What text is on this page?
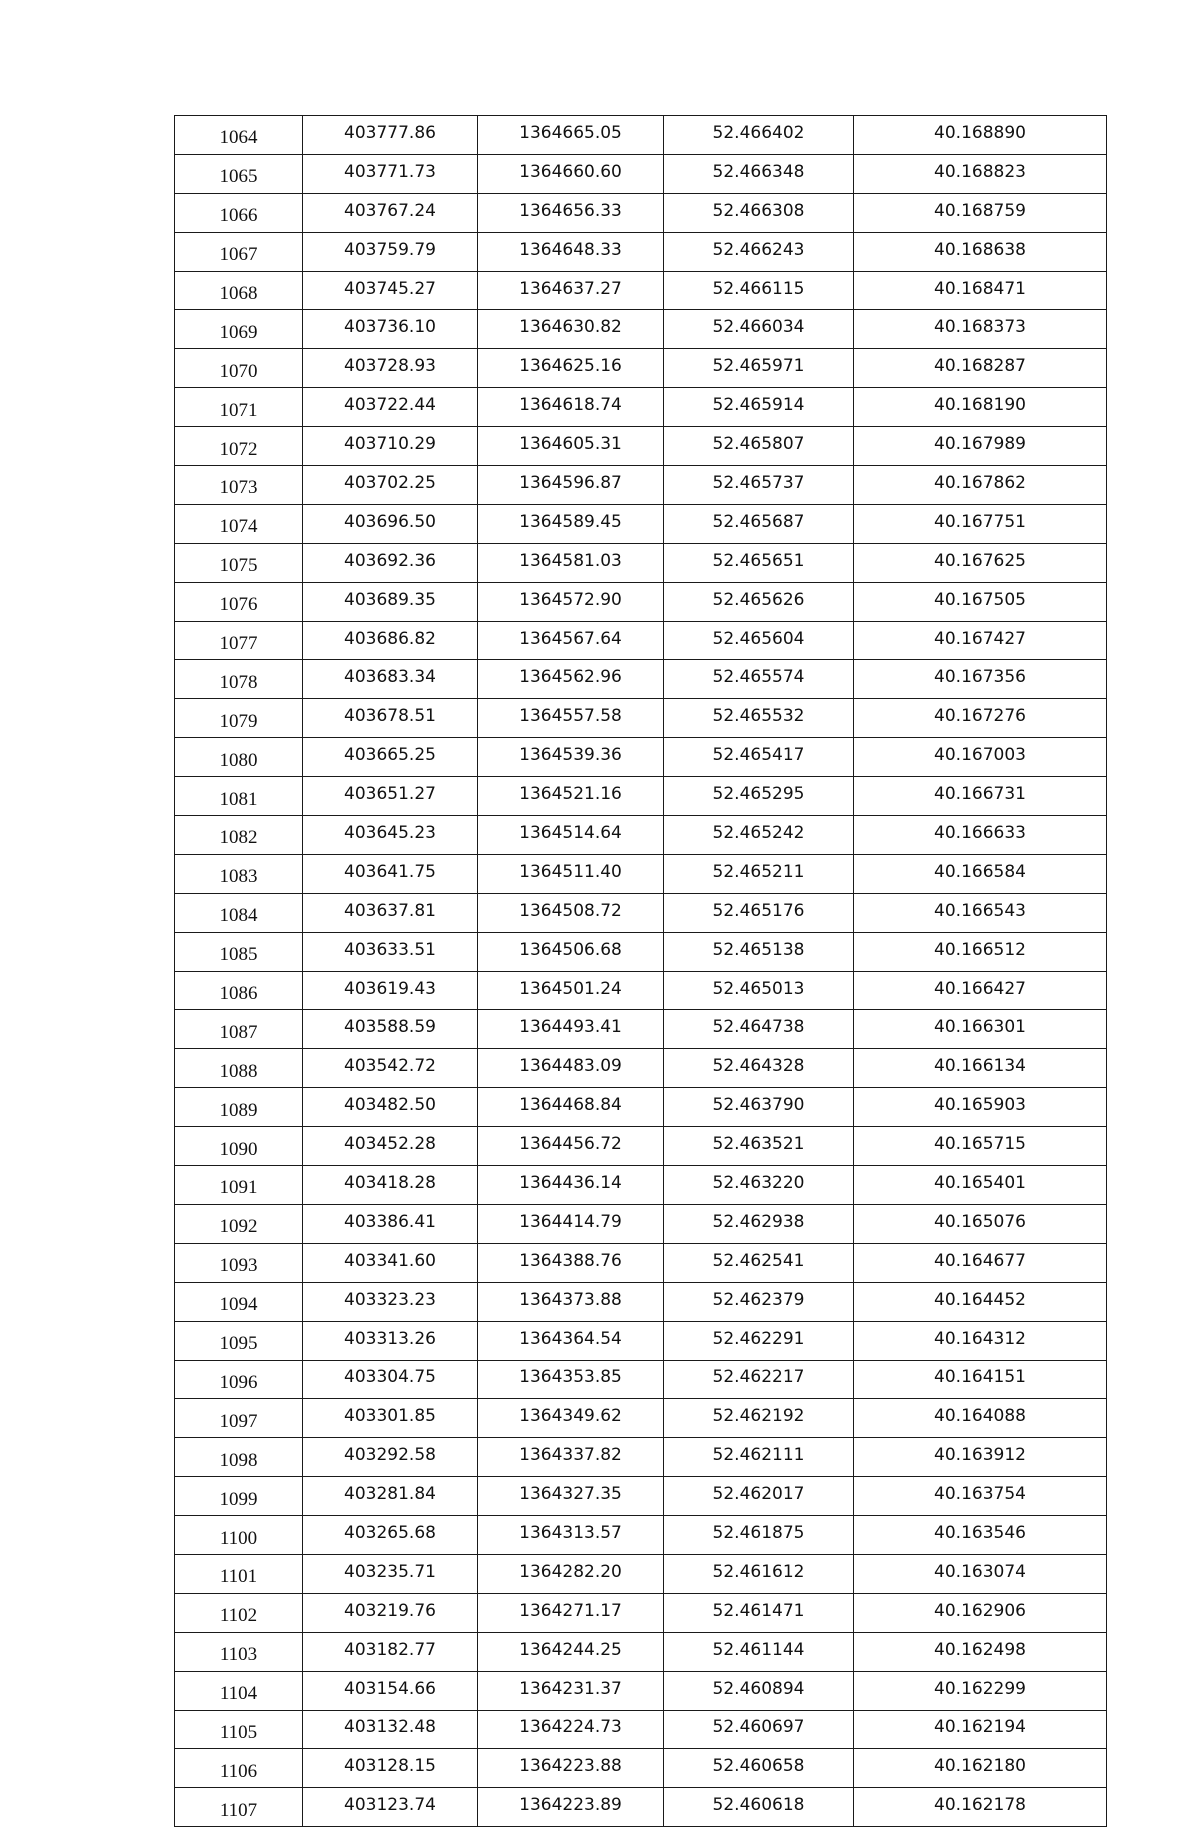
1064	403777.86	1364665.05	52.466402	40.168890
1065	403771.73	1364660.60	52.466348	40.168823
1066	403767.24	1364656.33	52.466308	40.168759
1067	403759.79	1364648.33	52.466243	40.168638
1068	403745.27	1364637.27	52.466115	40.168471
1069	403736.10	1364630.82	52.466034	40.168373
1070	403728.93	1364625.16	52.465971	40.168287
1071	403722.44	1364618.74	52.465914	40.168190
1072	403710.29	1364605.31	52.465807	40.167989
1073	403702.25	1364596.87	52.465737	40.167862
1074	403696.50	1364589.45	52.465687	40.167751
1075	403692.36	1364581.03	52.465651	40.167625
1076	403689.35	1364572.90	52.465626	40.167505
1077	403686.82	1364567.64	52.465604	40.167427
1078	403683.34	1364562.96	52.465574	40.167356
1079	403678.51	1364557.58	52.465532	40.167276
1080	403665.25	1364539.36	52.465417	40.167003
1081	403651.27	1364521.16	52.465295	40.166731
1082	403645.23	1364514.64	52.465242	40.166633
1083	403641.75	1364511.40	52.465211	40.166584
1084	403637.81	1364508.72	52.465176	40.166543
1085	403633.51	1364506.68	52.465138	40.166512
1086	403619.43	1364501.24	52.465013	40.166427
1087	403588.59	1364493.41	52.464738	40.166301
1088	403542.72	1364483.09	52.464328	40.166134
1089	403482.50	1364468.84	52.463790	40.165903
1090	403452.28	1364456.72	52.463521	40.165715
1091	403418.28	1364436.14	52.463220	40.165401
1092	403386.41	1364414.79	52.462938	40.165076
1093	403341.60	1364388.76	52.462541	40.164677
1094	403323.23	1364373.88	52.462379	40.164452
1095	403313.26	1364364.54	52.462291	40.164312
1096	403304.75	1364353.85	52.462217	40.164151
1097	403301.85	1364349.62	52.462192	40.164088
1098	403292.58	1364337.82	52.462111	40.163912
1099	403281.84	1364327.35	52.462017	40.163754
1100	403265.68	1364313.57	52.461875	40.163546
1101	403235.71	1364282.20	52.461612	40.163074
1102	403219.76	1364271.17	52.461471	40.162906
1103	403182.77	1364244.25	52.461144	40.162498
1104	403154.66	1364231.37	52.460894	40.162299
1105	403132.48	1364224.73	52.460697	40.162194
1106	403128.15	1364223.88	52.460658	40.162180
1107	403123.74	1364223.89	52.460618	40.162178
